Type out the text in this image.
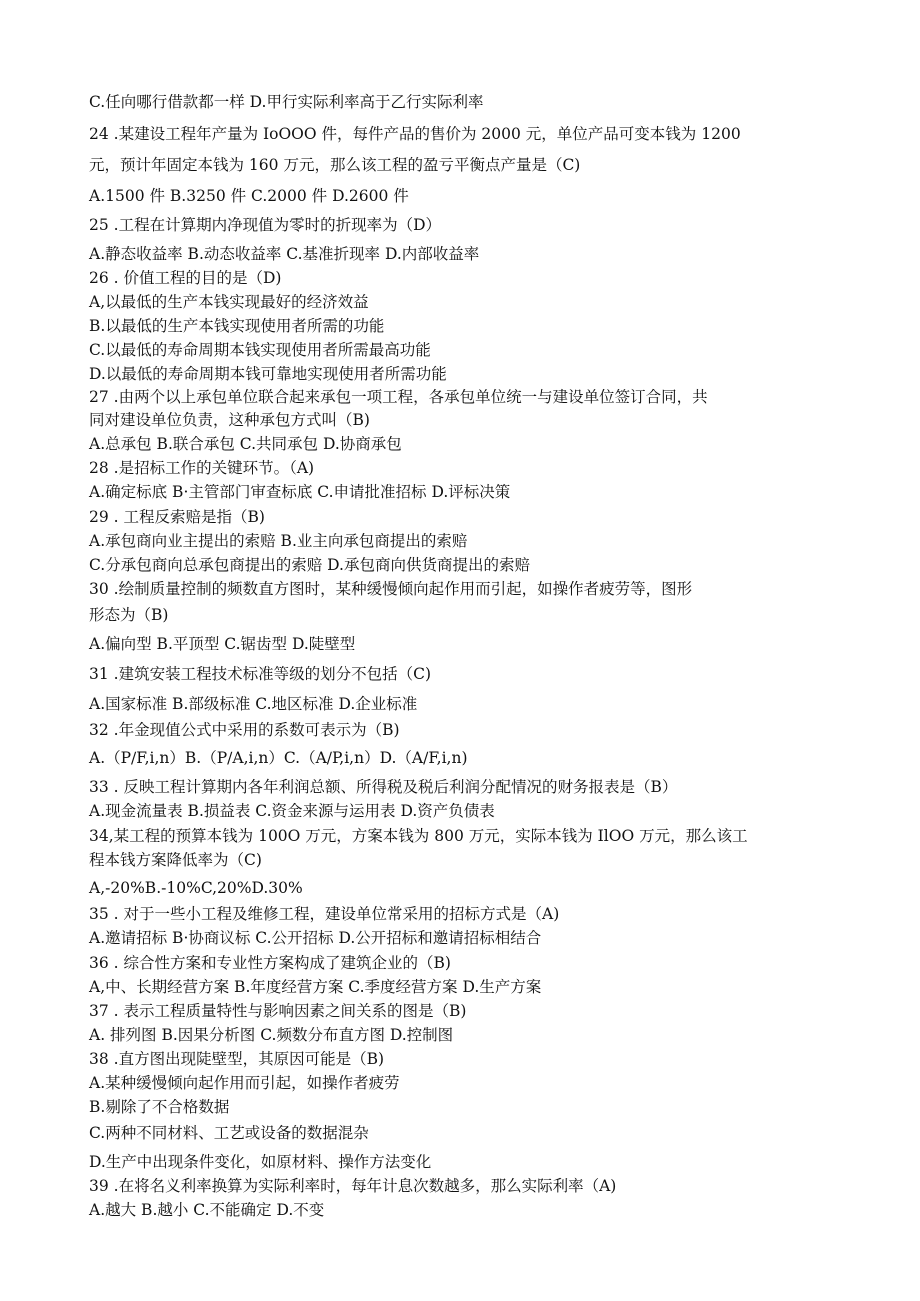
C.任向哪行借款都一样 D.甲行实际利率高于乙行实际利率

24 .某建设工程年产量为 IoOOO 件，每件产品的售价为 2000 元，单位产品可变本钱为 1200

元，预计年固定本钱为 160 万元，那么该工程的盈亏平衡点产量是（C)

A.1500 件 B.3250 件 C.2000 件 D.2600 件

25 .工程在计算期内净现值为零时的折现率为（D）

A.静态收益率 B.动态收益率 C.基准折现率 D.内部收益率

26 . 价值工程的目的是（D)

A,以最低的生产本钱实现最好的经济效益

B.以最低的生产本钱实现使用者所需的功能

C.以最低的寿命周期本钱实现使用者所需最高功能

D.以最低的寿命周期本钱可靠地实现使用者所需功能

27 .由两个以上承包单位联合起来承包一项工程，各承包单位统一与建设单位签订合同，共

同对建设单位负责，这种承包方式叫（B)

A.总承包 B.联合承包 C.共同承包 D.协商承包

28 .是招标工作的关键环节。（A)

A.确定标底 B·主管部门审查标底 C.申请批准招标 D.评标决策

29 . 工程反索赔是指（B)

A.承包商向业主提出的索赔 B.业主向承包商提出的索赔

C.分承包商向总承包商提出的索赔 D.承包商向供货商提出的索赔

30 .绘制质量控制的频数直方图时，某种缓慢倾向起作用而引起，如操作者疲劳等，图形

形态为（B)

A.偏向型 B.平顶型 C.锯齿型 D.陡壁型

31 .建筑安装工程技术标准等级的划分不包括（C)

A.国家标准 B.部级标准 C.地区标准 D.企业标准

32 .年金现值公式中采用的系数可表示为（B)

A.（P∕F,i,n）B.（P∕A,i,n）C.（A∕P,i,n）D.（A∕F,i,n)

33 . 反映工程计算期内各年利润总额、所得税及税后利润分配情况的财务报表是（B）

A.现金流量表 B.损益表 C.资金来源与运用表 D.资产负债表

34,某工程的预算本钱为 100O 万元，方案本钱为 800 万元，实际本钱为 IlOO 万元，那么该工

程本钱方案降低率为（C)

A,-20%B.-10%C,20%D.30%

35 . 对于一些小工程及维修工程，建设单位常采用的招标方式是（A)

A.邀请招标 B·协商议标 C.公开招标 D.公开招标和邀请招标相结合

36 . 综合性方案和专业性方案构成了建筑企业的（B)

A,中、长期经营方案 B.年度经营方案 C.季度经营方案 D.生产方案

37 . 表示工程质量特性与影响因素之间关系的图是（B)

A. 排列图 B.因果分析图 C.频数分布直方图 D.控制图

38 .直方图出现陡壁型，其原因可能是（B)

A.某种缓慢倾向起作用而引起，如操作者疲劳

B.剔除了不合格数据

C.两种不同材料、工艺或设备的数据混杂

D.生产中出现条件变化，如原材料、操作方法变化

39 .在将名义利率换算为实际利率时，每年计息次数越多，那么实际利率（A)

A.越大 B.越小 C.不能确定 D.不变
